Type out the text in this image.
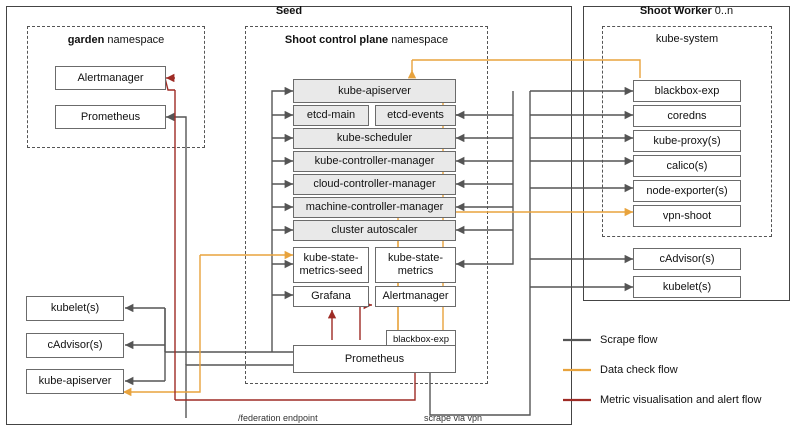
Seed
garden namespace	Shoot control plane namespace
Shoot Worker 0..n
kube-system
Alertmanager
Prometheus
kubelet(s)
cAdvisor(s)
kube-apiserver
kube-apiserver
etcd-main	etcd-events
kube-scheduler
kube-controller-manager
cloud-controller-manager
machine-controller-manager
cluster autoscaler
kube-state-metrics-seed
kube-state-metrics
Grafana	Alertmanager
blackbox-exp
Prometheus
blackbox-exp
coredns
kube-proxy(s)
calico(s)
node-exporter(s)
vpn-shoot
cAdvisor(s)
kubelet(s)
/federation endpoint	scrape via vpn
Scrape flow
Data check flow
Metric visualisation and alert flow
